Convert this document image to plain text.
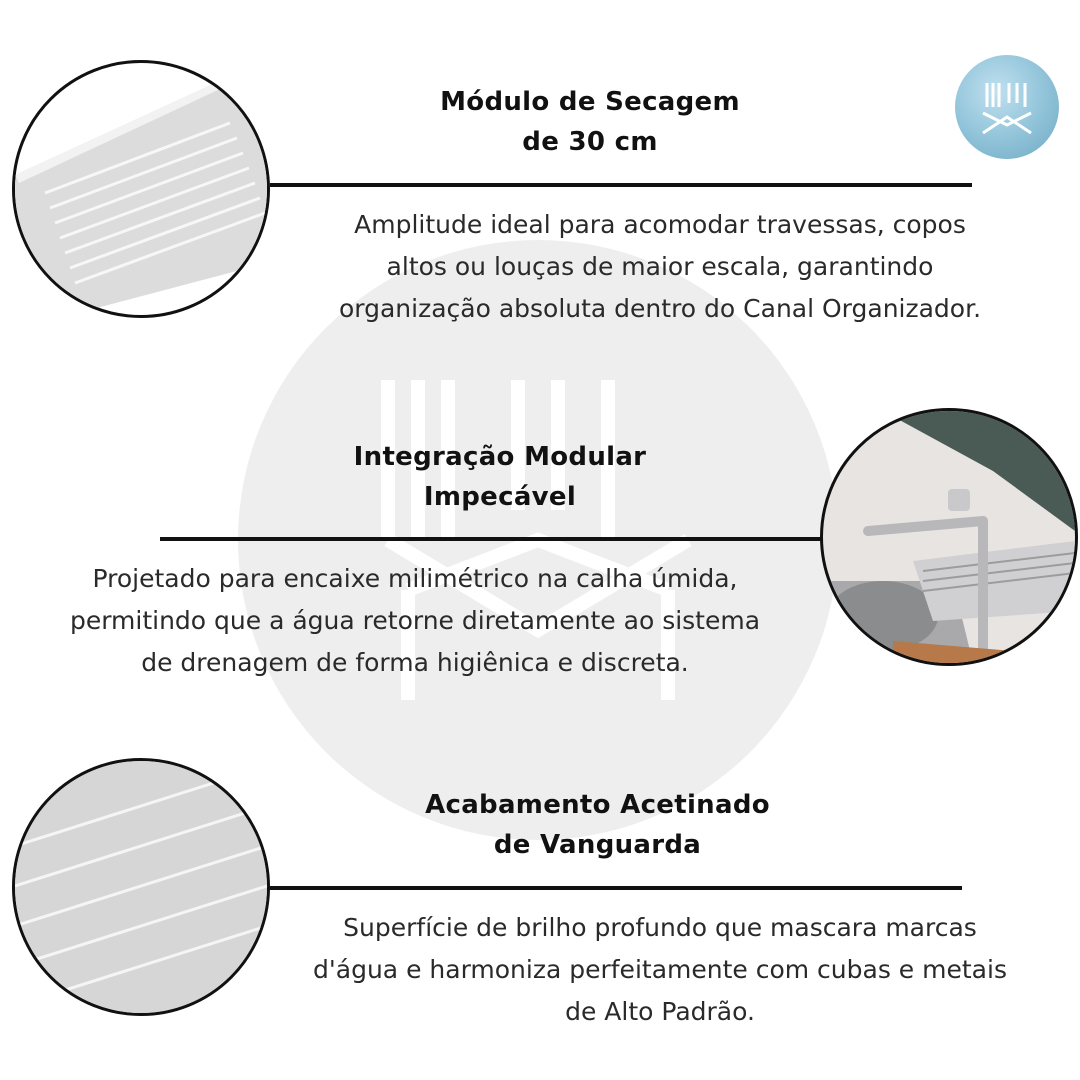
Módulo de Secagem
de 30 cm
Amplitude ideal para acomodar travessas, copos
altos ou louças de maior escala, garantindo
organização absoluta dentro do Canal Organizador.
Integração Modular
Impecável
Projetado para encaixe milimétrico na calha úmida,
permitindo que a água retorne diretamente ao sistema
de drenagem de forma higiênica e discreta.
Acabamento Acetinado
de Vanguarda
Superfície de brilho profundo que mascara marcas
d'água e harmoniza perfeitamente com cubas e metais
de Alto Padrão.
